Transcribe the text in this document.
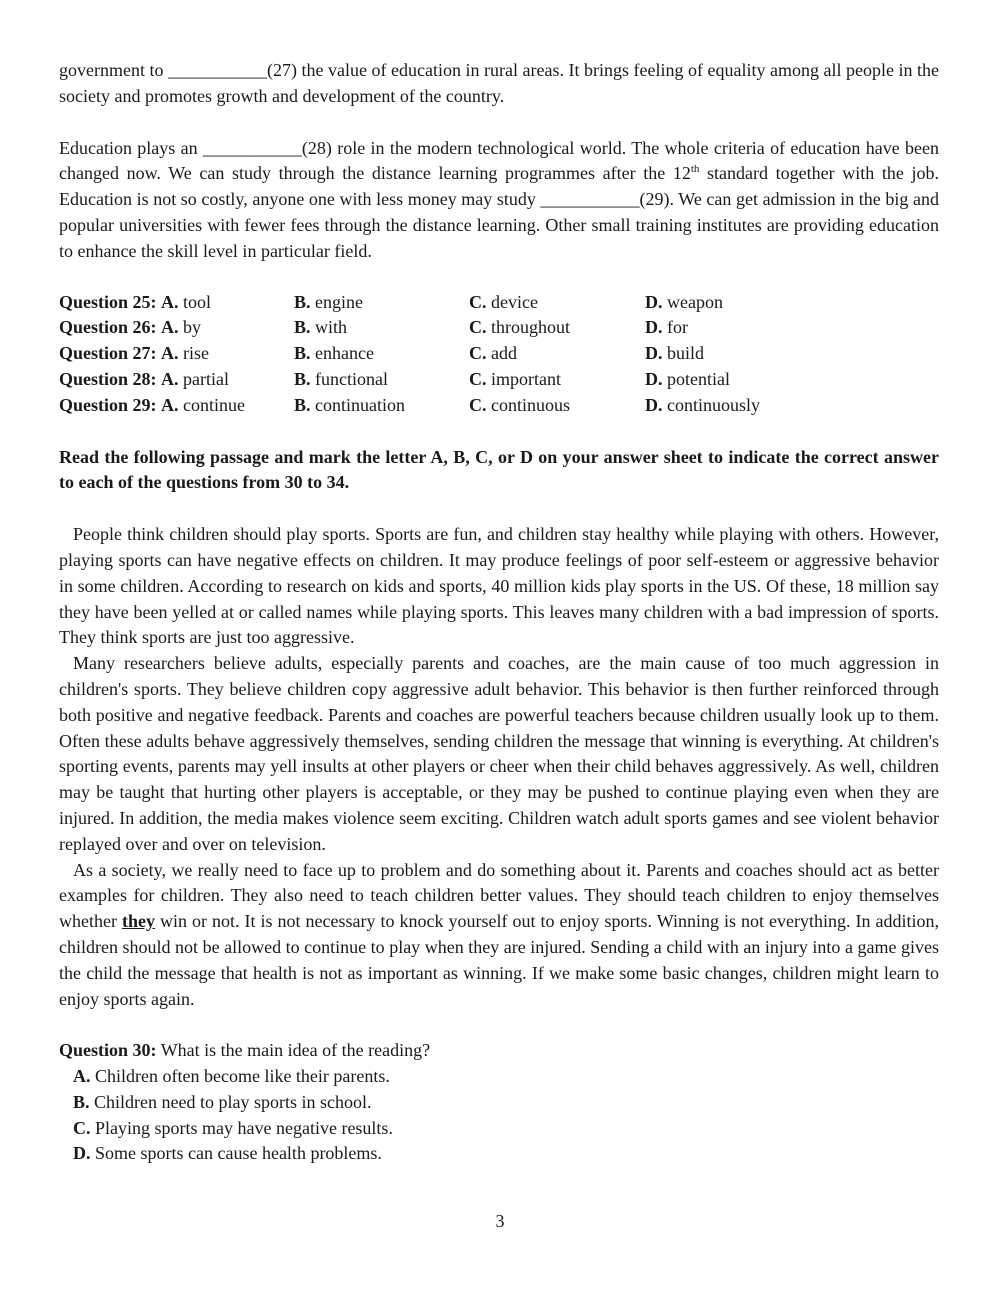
government to ___________(27) the value of education in rural areas. It brings feeling of equality among all people in the society and promotes growth and development of the country.

Education plays an ___________(28) role in the modern technological world. The whole criteria of education have been changed now. We can study through the distance learning programmes after the 12th standard together with the job. Education is not so costly, anyone one with less money may study ___________(29). We can get admission in the big and popular universities with fewer fees through the distance learning. Other small training institutes are providing education to enhance the skill level in particular field.

Question 25: A. tool	B. engine	C. device	D. weapon
Question 26: A. by	B. with	C. throughout	D. for
Question 27: A. rise	B. enhance	C. add	D. build
Question 28: A. partial	B. functional	C. important	D. potential
Question 29: A. continue	B. continuation	C. continuous	D. continuously

Read the following passage and mark the letter A, B, C, or D on your answer sheet to indicate the correct answer to each of the questions from 30 to 34.

People think children should play sports. Sports are fun, and children stay healthy while playing with others. However, playing sports can have negative effects on children. It may produce feelings of poor self-esteem or aggressive behavior in some children. According to research on kids and sports, 40 million kids play sports in the US. Of these, 18 million say they have been yelled at or called names while playing sports. This leaves many children with a bad impression of sports. They think sports are just too aggressive.

Many researchers believe adults, especially parents and coaches, are the main cause of too much aggression in children's sports. They believe children copy aggressive adult behavior. This behavior is then further reinforced through both positive and negative feedback. Parents and coaches are powerful teachers because children usually look up to them. Often these adults behave aggressively themselves, sending children the message that winning is everything. At children's sporting events, parents may yell insults at other players or cheer when their child behaves aggressively. As well, children may be taught that hurting other players is acceptable, or they may be pushed to continue playing even when they are injured. In addition, the media makes violence seem exciting. Children watch adult sports games and see violent behavior replayed over and over on television.

As a society, we really need to face up to problem and do something about it. Parents and coaches should act as better examples for children. They also need to teach children better values. They should teach children to enjoy themselves whether they win or not. It is not necessary to knock yourself out to enjoy sports. Winning is not everything. In addition, children should not be allowed to continue to play when they are injured. Sending a child with an injury into a game gives the child the message that health is not as important as winning. If we make some basic changes, children might learn to enjoy sports again.

Question 30: What is the main idea of the reading?
A. Children often become like their parents.
B. Children need to play sports in school.
C. Playing sports may have negative results.
D. Some sports can cause health problems.
3
